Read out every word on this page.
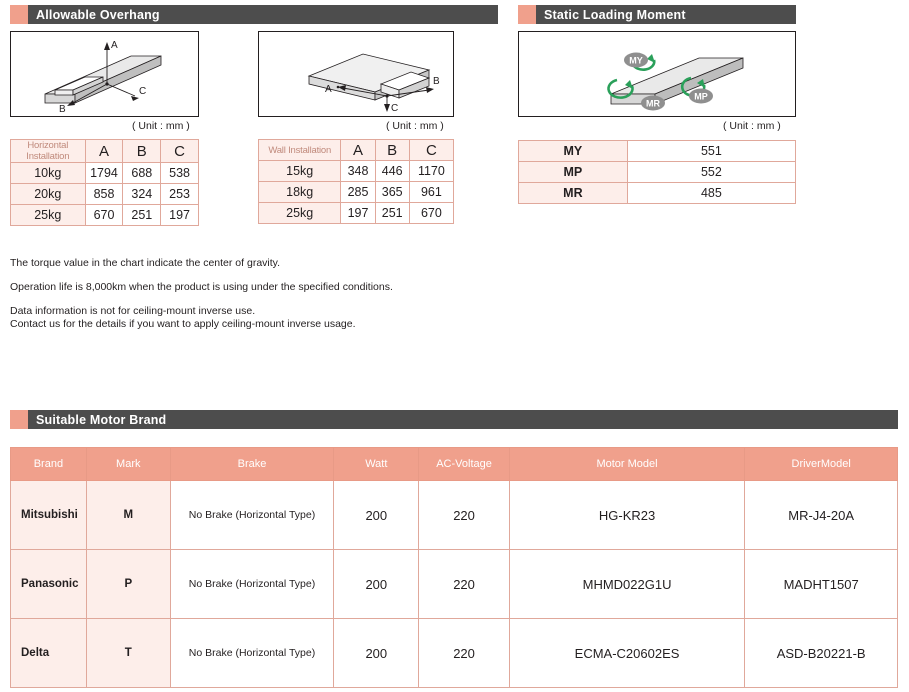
Allowable Overhang	Static Loading Moment
A
C
B
( Unit : mm )
B
A
C
( Unit : mm )
MY
MP
MR
( Unit : mm )
Horizontal Installation	A	B	C
10kg	1794	688	538
20kg	858	324	253
25kg	670	251	197
Wall Installation	A	B	C
15kg	348	446	1170
18kg	285	365	961
25kg	197	251	670
MY	551
MP	552
MR	485
The torque value in the chart indicate the center of gravity.
Operation life is 8,000km when the product is using under the specified conditions.
Data information is not for ceiling-mount inverse use.
Contact us for the details if you want to apply ceiling-mount inverse usage.
Suitable Motor Brand
Brand	Mark	Brake	Watt	AC-Voltage	Motor Model	DriverModel
Mitsubishi	M	No Brake (Horizontal Type)	200	220	HG-KR23	MR-J4-20A
Panasonic	P	No Brake (Horizontal Type)	200	220	MHMD022G1U	MADHT1507
Delta	T	No Brake (Horizontal Type)	200	220	ECMA-C20602ES	ASD-B20221-B
